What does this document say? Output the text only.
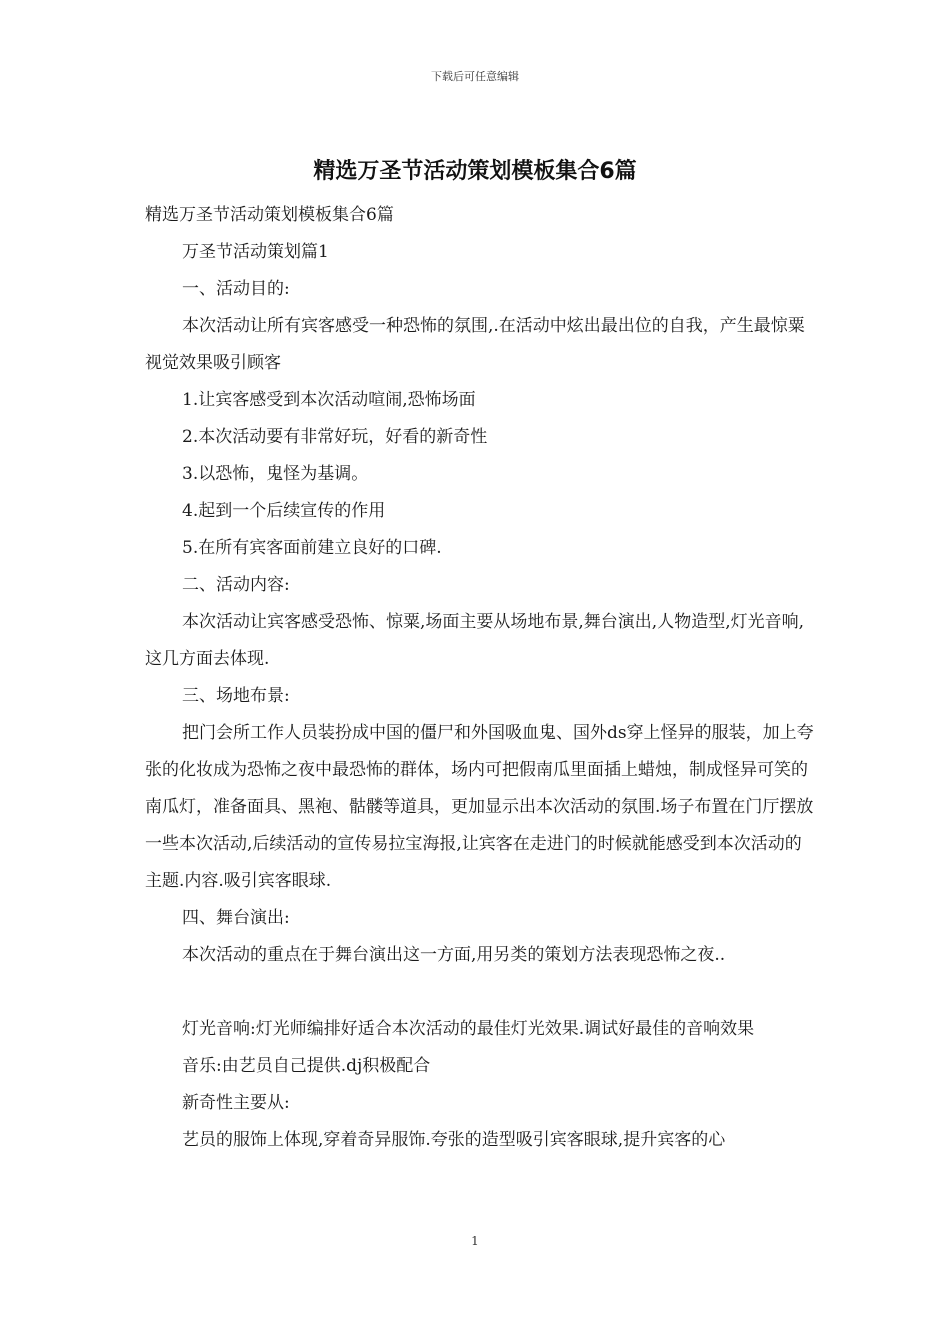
下载后可任意编辑
精选万圣节活动策划模板集合6篇

精选万圣节活动策划模板集合6篇

万圣节活动策划篇1

一、活动目的:

本次活动让所有宾客感受一种恐怖的氛围,.在活动中炫出最出位的自我，产生最惊粟视觉效果吸引顾客

1.让宾客感受到本次活动喧闹,恐怖场面

2.本次活动要有非常好玩，好看的新奇性

3.以恐怖，鬼怪为基调。

4.起到一个后续宣传的作用

5.在所有宾客面前建立良好的口碑.

二、活动内容:

本次活动让宾客感受恐怖、惊粟,场面主要从场地布景,舞台演出,人物造型,灯光音响,这几方面去体现.

三、场地布景:

把门会所工作人员装扮成中国的僵尸和外国吸血鬼、国外ds穿上怪异的服装，加上夸张的化妆成为恐怖之夜中最恐怖的群体，场内可把假南瓜里面插上蜡烛，制成怪异可笑的南瓜灯，准备面具、黑袍、骷髅等道具，更加显示出本次活动的氛围.场子布置在门厅摆放一些本次活动,后续活动的宣传易拉宝海报,让宾客在走进门的时候就能感受到本次活动的主题.内容.吸引宾客眼球.

四、舞台演出:

本次活动的重点在于舞台演出这一方面,用另类的策划方法表现恐怖之夜..

灯光音响:灯光师编排好适合本次活动的最佳灯光效果.调试好最佳的音响效果

音乐:由艺员自己提供.dj积极配合

新奇性主要从:

艺员的服饰上体现,穿着奇异服饰.夸张的造型吸引宾客眼球,提升宾客的心

1
